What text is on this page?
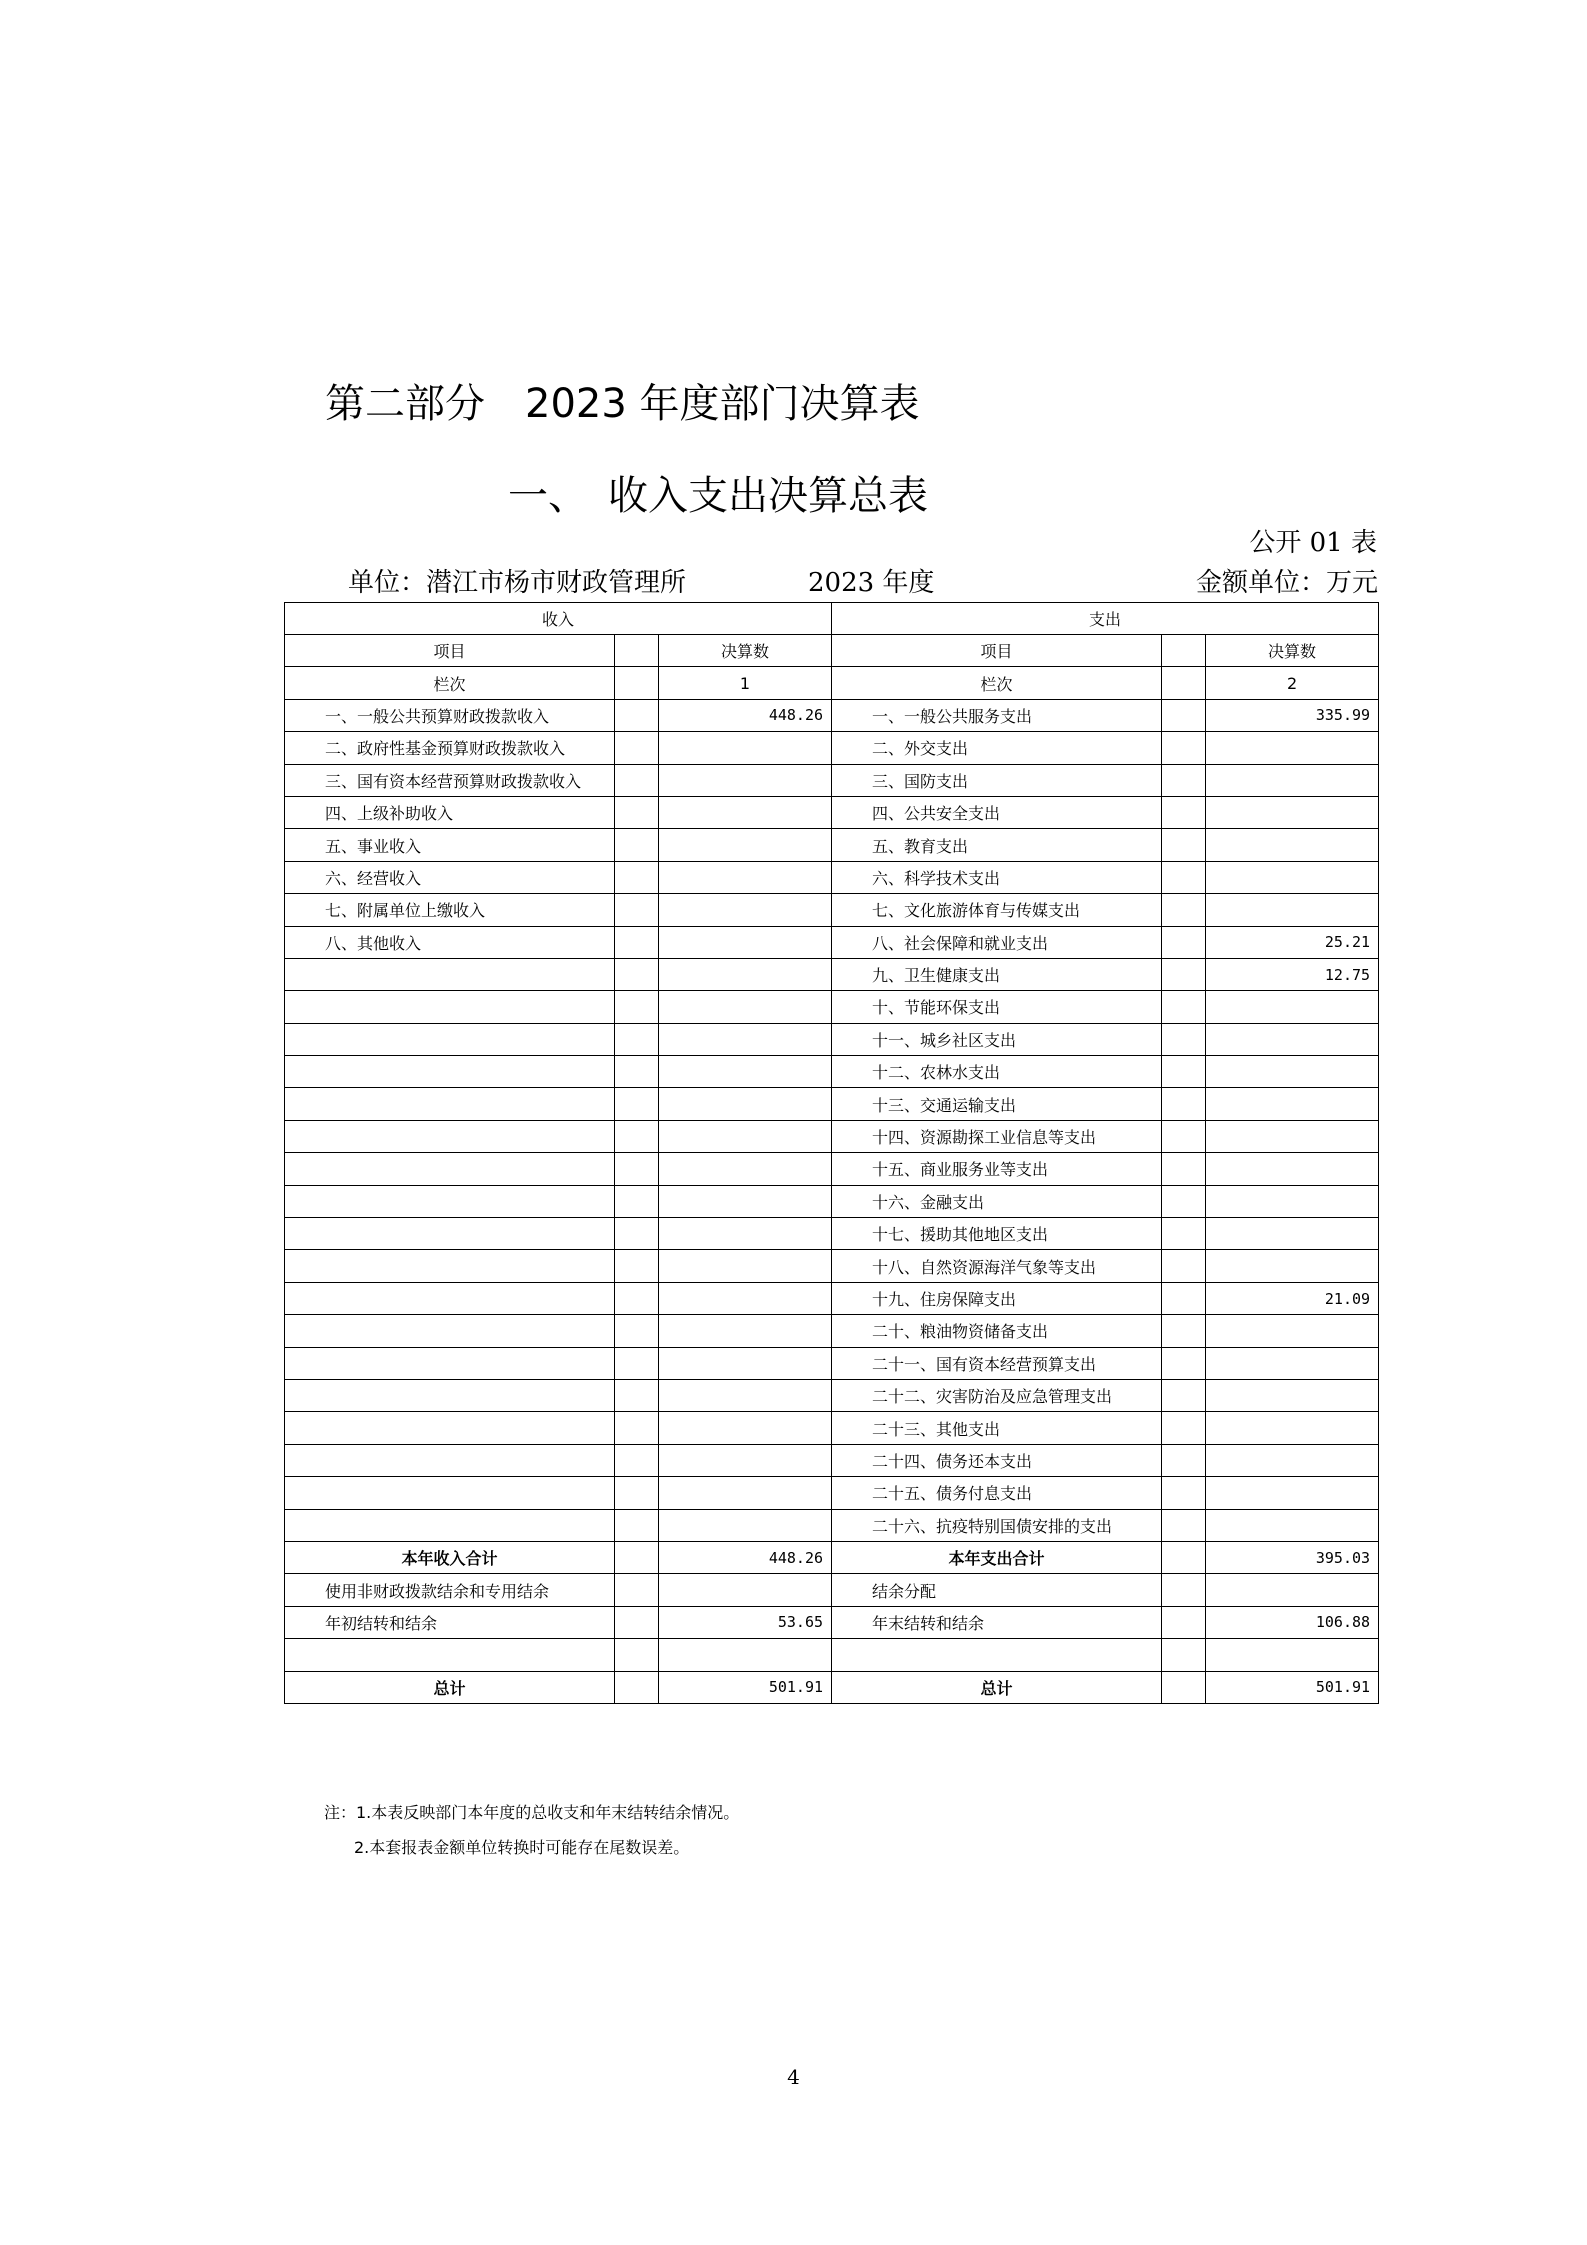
第二部分　2023 年度部门决算表
一、　收入支出决算总表
公开 01 表
单位：潜江市杨市财政管理所	2023 年度	金额单位：万元
收入			支出		
项目		决算数	项目		决算数
栏次		1	栏次		2
一、一般公共预算财政拨款收入		448.26	一、一般公共服务支出		335.99
二、政府性基金预算财政拨款收入			二、外交支出		
三、国有资本经营预算财政拨款收入			三、国防支出		
四、上级补助收入			四、公共安全支出		
五、事业收入			五、教育支出		
六、经营收入			六、科学技术支出		
七、附属单位上缴收入			七、文化旅游体育与传媒支出		
八、其他收入			八、社会保障和就业支出		25.21
			九、卫生健康支出		12.75
			十、节能环保支出		
			十一、城乡社区支出		
			十二、农林水支出		
			十三、交通运输支出		
			十四、资源勘探工业信息等支出		
			十五、商业服务业等支出		
			十六、金融支出		
			十七、援助其他地区支出		
			十八、自然资源海洋气象等支出		
			十九、住房保障支出		21.09
			二十、粮油物资储备支出		
			二十一、国有资本经营预算支出		
			二十二、灾害防治及应急管理支出		
			二十三、其他支出		
			二十四、债务还本支出		
			二十五、债务付息支出		
			二十六、抗疫特别国债安排的支出		
本年收入合计		448.26	本年支出合计		395.03
使用非财政拨款结余和专用结余			结余分配		
年初结转和结余		53.65	年末结转和结余		106.88

总计		501.91	总计		501.91
注：1.本表反映部门本年度的总收支和年末结转结余情况。
2.本套报表金额单位转换时可能存在尾数误差。
4
